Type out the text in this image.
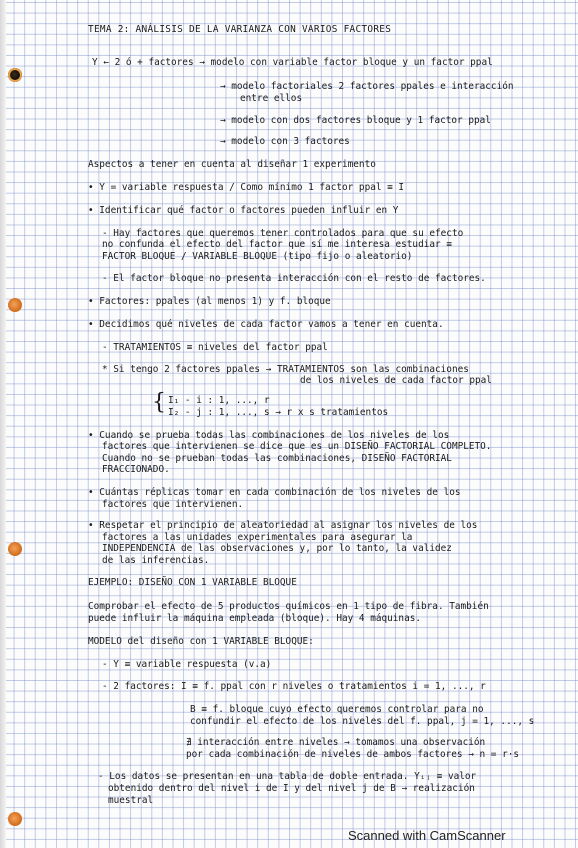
TEMA 2: ANÁLISIS DE LA VARIANZA CON VARIOS FACTORES
Y ← 2 ó + factores → modelo con variable factor bloque y un factor ppal
→ modelo factoriales 2 factores ppales e interacción
entre ellos
→ modelo con dos factores bloque y 1 factor ppal
→ modelo con 3 factores
Aspectos a tener en cuenta al diseñar 1 experimento
• Y = variable respuesta / Como mínimo 1 factor ppal ≡ I
• Identificar qué factor o factores pueden influir en Y
- Hay factores que queremos tener controlados para que su efecto
no confunda el efecto del factor que sí me interesa estudiar ≡
FACTOR BLOQUE / VARIABLE BLOQUE (tipo fijo o aleatorio)
- El factor bloque no presenta interacción con el resto de factores.
• Factores: ppales (al menos 1) y f. bloque
• Decidimos qué niveles de cada factor vamos a tener en cuenta.
- TRATAMIENTOS ≡ niveles del factor ppal
* Si tengo 2 factores ppales → TRATAMIENTOS son las combinaciones
de los niveles de cada factor ppal
{ I₁ - i : 1, ..., r
I₂ - j : 1, ..., s → r x s tratamientos
• Cuando se prueba todas las combinaciones de los niveles de los
factores que intervienen se dice que es un DISEÑO FACTORIAL COMPLETO.
Cuando no se prueban todas las combinaciones, DISEÑO FACTORIAL
FRACCIONADO.
• Cuántas réplicas tomar en cada combinación de los niveles de los
factores que intervienen.
• Respetar el principio de aleatoriedad al asignar los niveles de los
factores a las unidades experimentales para asegurar la
INDEPENDENCIA de las observaciones y, por lo tanto, la validez
de las inferencias.
EJEMPLO: DISEÑO CON 1 VARIABLE BLOQUE
Comprobar el efecto de 5 productos químicos en 1 tipo de fibra. También
puede influir la máquina empleada (bloque). Hay 4 máquinas.
MODELO del diseño con 1 VARIABLE BLOQUE:
- Y ≡ variable respuesta (v.a)
- 2 factores: I ≡ f. ppal con r niveles o tratamientos i = 1, ..., r
B ≡ f. bloque cuyo efecto queremos controlar para no
confundir el efecto de los niveles del f. ppal, j = 1, ..., s
∄ interacción entre niveles → tomamos una observación
por cada combinación de niveles de ambos factores → n = r·s
- Los datos se presentan en una tabla de doble entrada. Yᵢⱼ ≡ valor
obtenido dentro del nivel i de I y del nivel j de B → realización
muestral
Scanned with CamScanner
